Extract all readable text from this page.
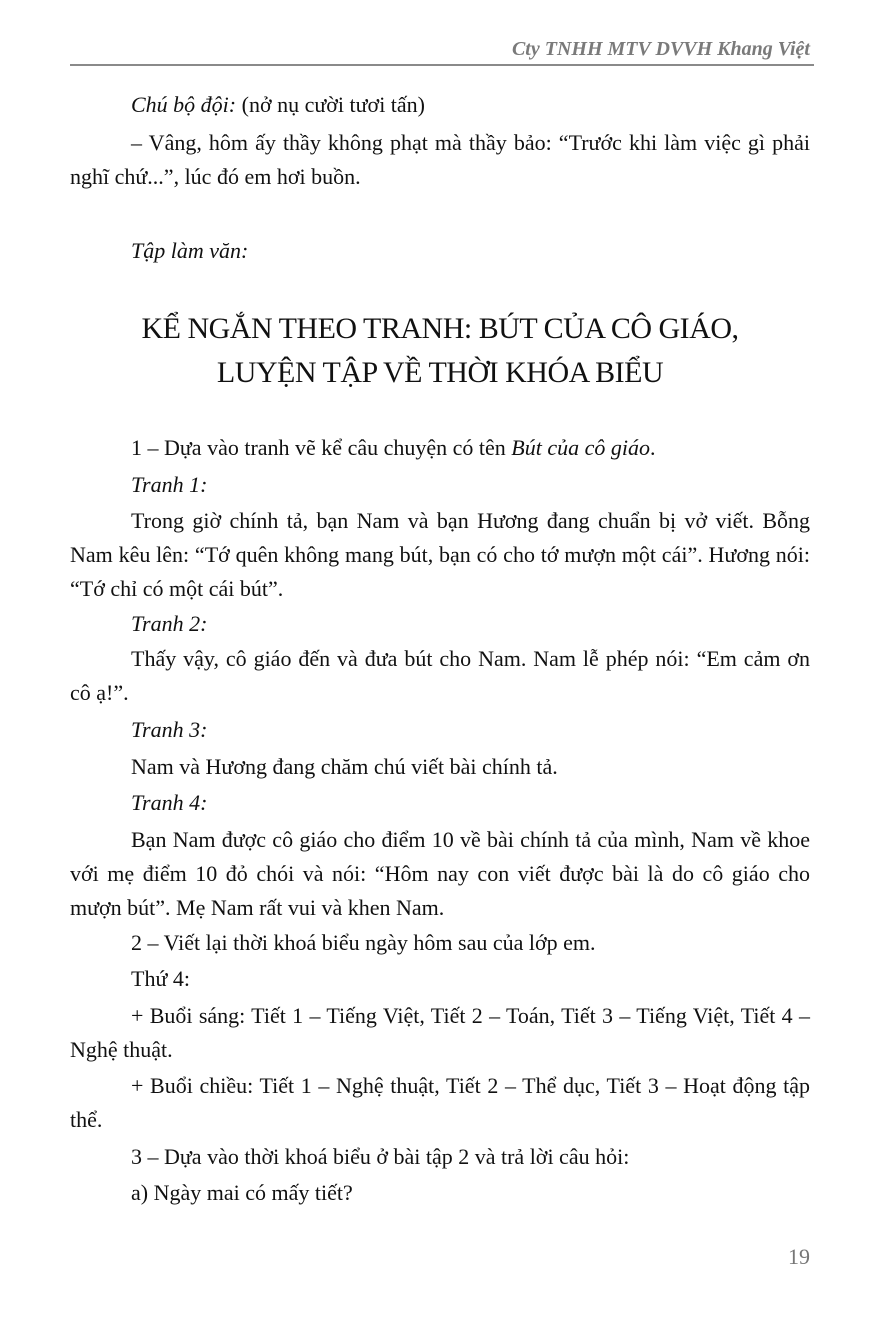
Cty TNHH MTV DVVH Khang Việt
Chú bộ đội: (nở nụ cười tươi tấn)
– Vâng, hôm ấy thầy không phạt mà thầy bảo: “Trước khi làm việc gì phải nghĩ chứ...”, lúc đó em hơi buồn.
Tập làm văn:
KỂ NGẮN THEO TRANH: BÚT CỦA CÔ GIÁO,
LUYỆN TẬP VỀ THỜI KHÓA BIỂU
1 – Dựa vào tranh vẽ kể câu chuyện có tên Bút của cô giáo.
Tranh 1:
Trong giờ chính tả, bạn Nam và bạn Hương đang chuẩn bị vở viết. Bỗng Nam kêu lên: “Tớ quên không mang bút, bạn có cho tớ mượn một cái”. Hương nói: “Tớ chỉ có một cái bút”.
Tranh 2:
Thấy vậy, cô giáo đến và đưa bút cho Nam. Nam lễ phép nói: “Em cảm ơn cô ạ!”.
Tranh 3:
Nam và Hương đang chăm chú viết bài chính tả.
Tranh 4:
Bạn Nam được cô giáo cho điểm 10 về bài chính tả của mình, Nam về khoe với mẹ điểm 10 đỏ chói và nói: “Hôm nay con viết được bài là do cô giáo cho mượn bút”. Mẹ Nam rất vui và khen Nam.
2 – Viết lại thời khoá biểu ngày hôm sau của lớp em.
Thứ 4:
+ Buổi sáng: Tiết 1 – Tiếng Việt, Tiết 2 – Toán, Tiết 3 – Tiếng Việt, Tiết 4 – Nghệ thuật.
+ Buổi chiều: Tiết 1 – Nghệ thuật, Tiết 2 – Thể dục, Tiết 3 – Hoạt động tập thể.
3 – Dựa vào thời khoá biểu ở bài tập 2 và trả lời câu hỏi:
a) Ngày mai có mấy tiết?
19
